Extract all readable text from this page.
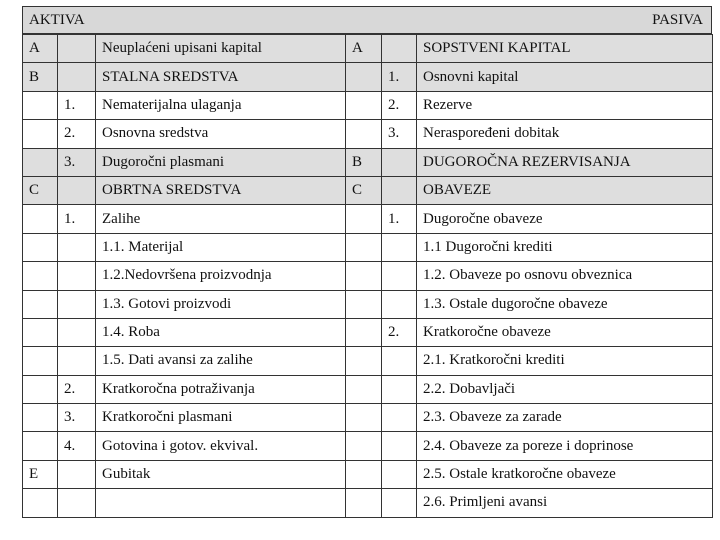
AKTIVA	PASIVA
A		Neuplaćeni upisani kapital	A		SOPSTVENI KAPITAL
B		STALNA SREDSTVA		1.	Osnovni kapital
	1.	Nematerijalna ulaganja		2.	Rezerve
	2.	Osnovna sredstva		3.	Neraspoređeni dobitak
	3.	Dugoročni plasmani	B		DUGOROČNA REZERVISANJA
C		OBRTNA SREDSTVA	C		OBAVEZE
	1.	Zalihe		1.	Dugoročne obaveze
		1.1. Materijal			1.1 Dugoročni krediti
		1.2.Nedovršena proizvodnja			1.2. Obaveze po osnovu obveznica
		1.3. Gotovi proizvodi			1.3. Ostale dugoročne obaveze
		1.4. Roba		2.	Kratkoročne obaveze
		1.5. Dati avansi za zalihe			2.1. Kratkoročni krediti
	2.	Kratkoročna potraživanja			2.2. Dobavljači
	3.	Kratkoročni plasmani			2.3. Obaveze za zarade
	4.	Gotovina i gotov. ekvival.			2.4. Obaveze za poreze i doprinose
E		Gubitak			2.5. Ostale kratkoročne obaveze
					2.6. Primljeni avansi
